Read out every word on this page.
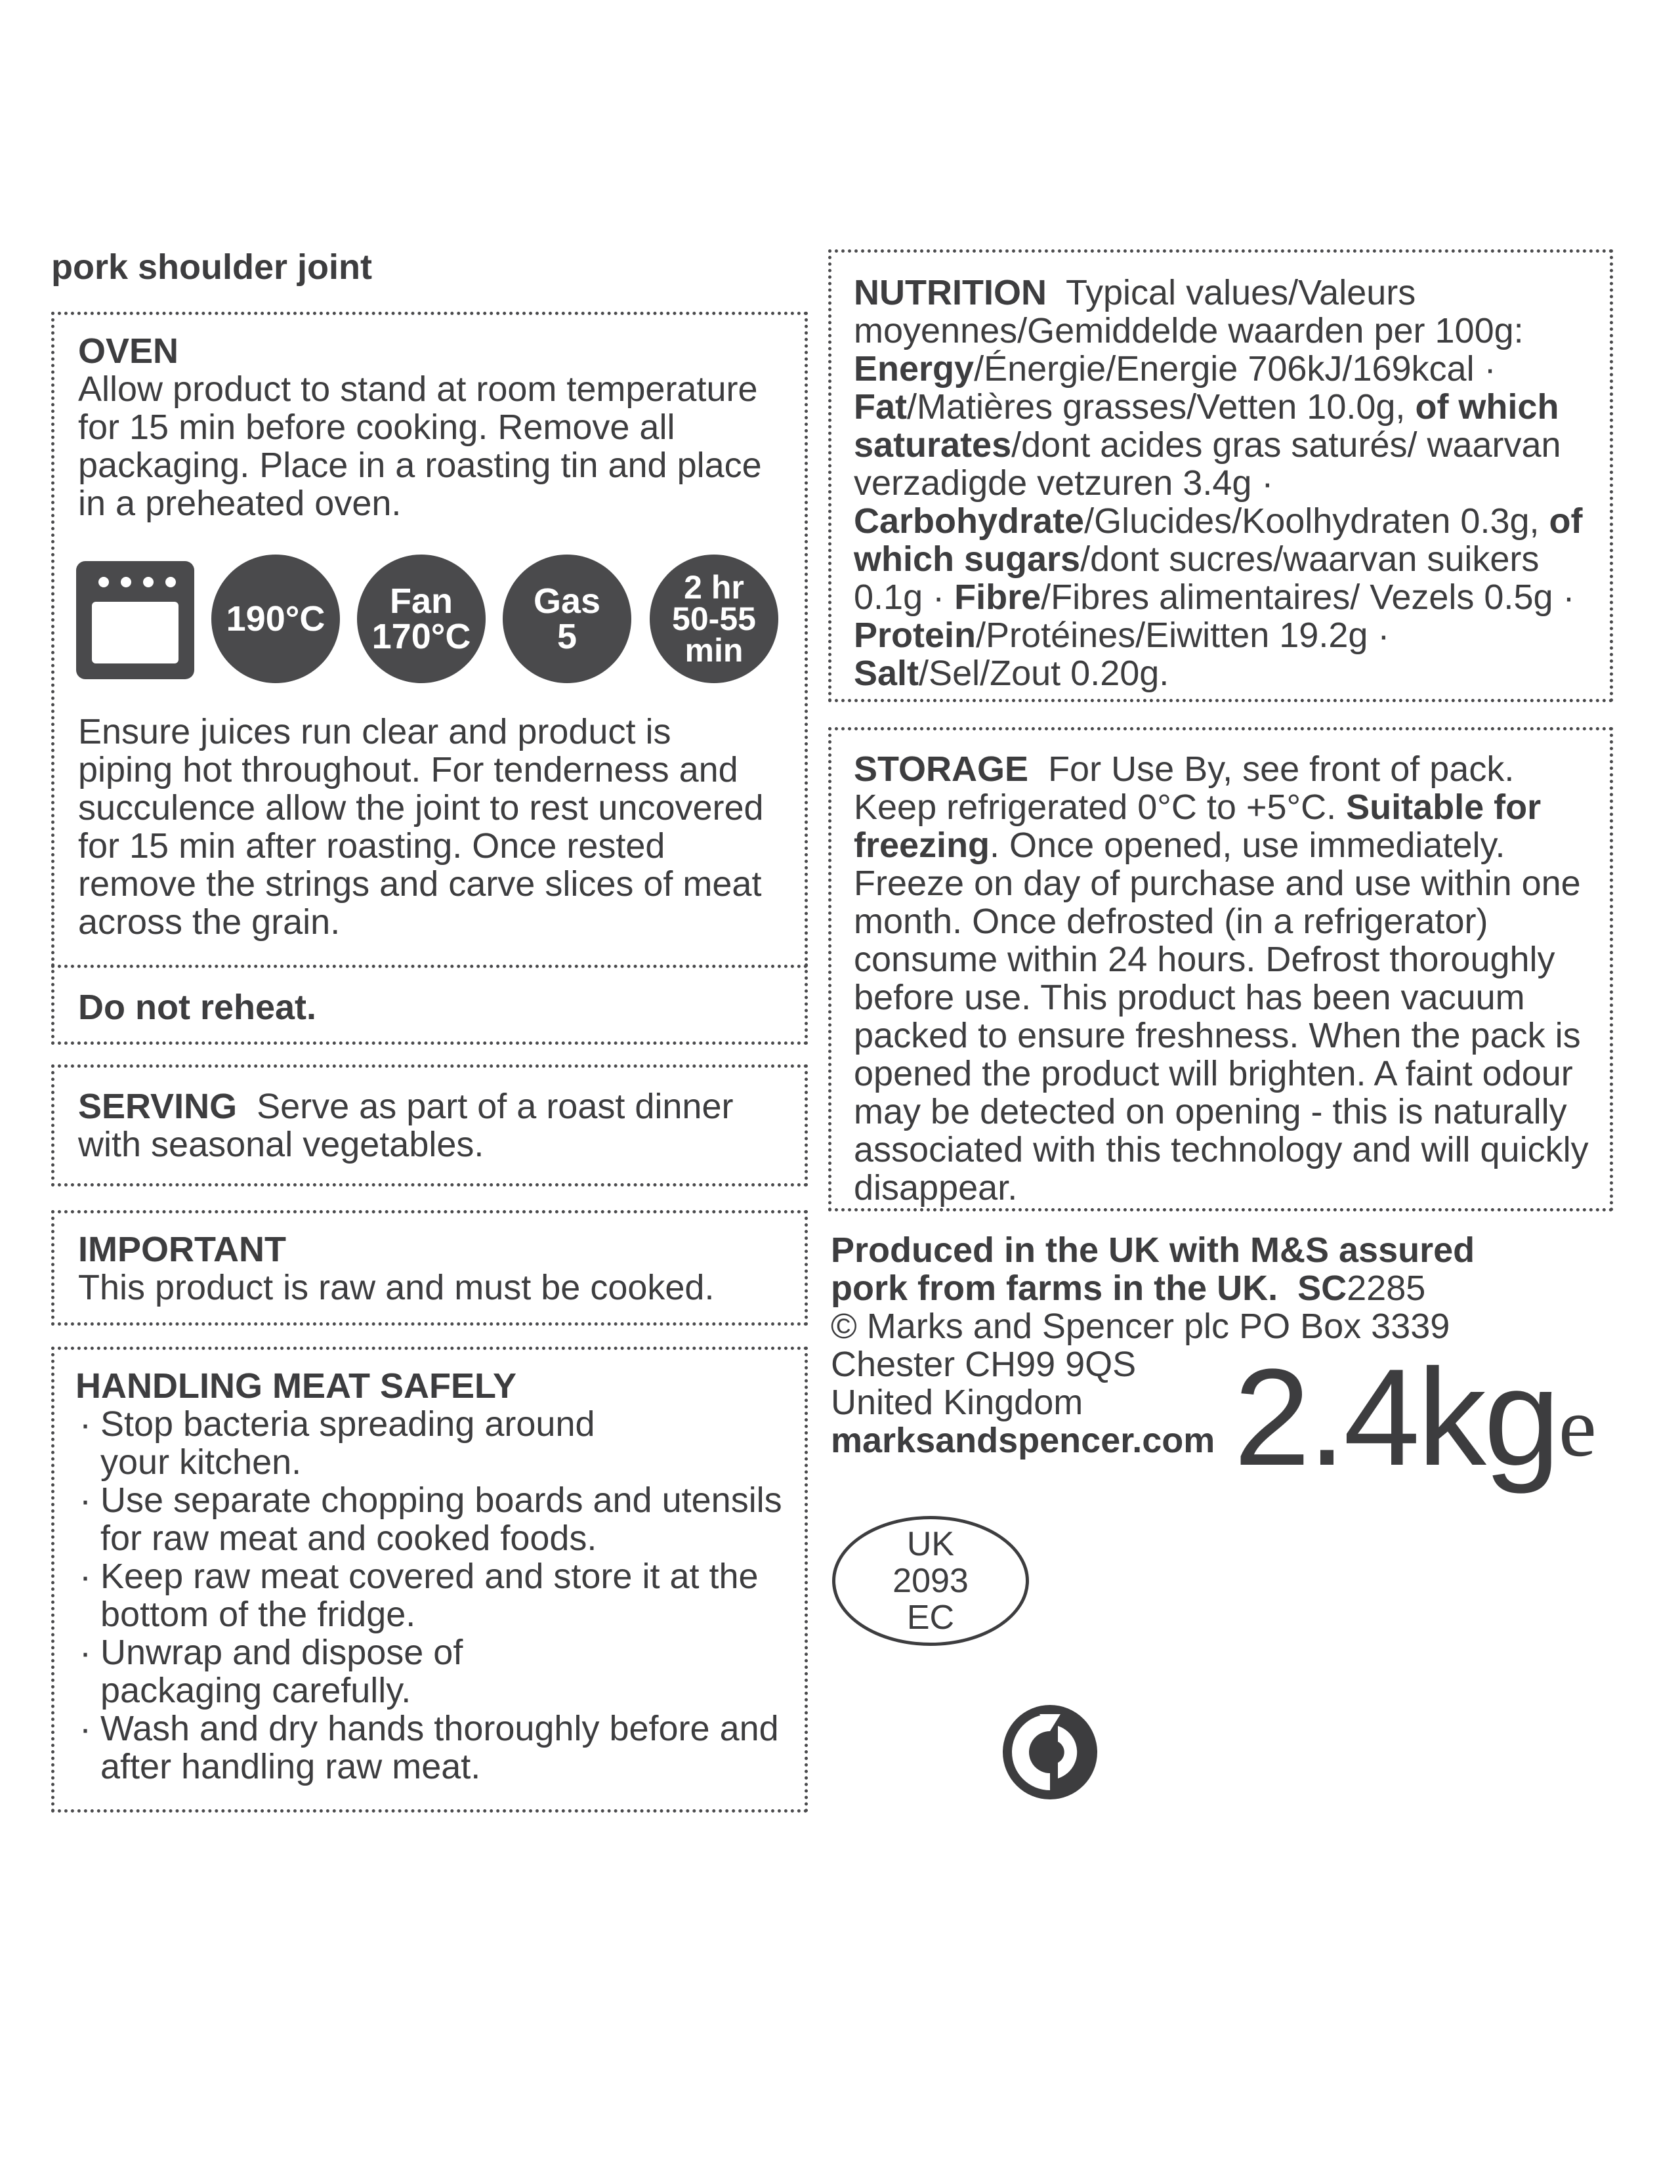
pork shoulder joint
OVEN
Allow product to stand at room temperature for 15 min before cooking. Remove all packaging. Place in a roasting tin and place in a preheated oven.
Ensure juices run clear and product is piping hot throughout. For tenderness and succulence allow the joint to rest uncovered for 15 min after roasting. Once rested remove the strings and carve slices of meat across the grain.
190°C Fan
170°C
Gas
5
2 hr
50-55
min
Do not reheat.
SERVING Serve as part of a roast dinner with seasonal vegetables.
IMPORTANT
This product is raw and must be cooked.
HANDLING MEAT SAFELY
· Stop bacteria spreading around your kitchen.
· Use separate chopping boards and utensils for raw meat and cooked foods.
· Keep raw meat covered and store it at the bottom of the fridge.
· Unwrap and dispose of packaging carefully.
· Wash and dry hands thoroughly before and after handling raw meat.
NUTRITION Typical values/Valeurs moyennes/Gemiddelde waarden per 100g: Energy/Énergie/Energie 706kJ/169kcal · Fat/Matières grasses/Vetten 10.0g, of which saturates/dont acides gras saturés/ waarvan verzadigde vetzuren 3.4g · Carbohydrate/Glucides/Koolhydraten 0.3g, of which sugars/dont sucres/waarvan suikers 0.1g · Fibre/Fibres alimentaires/ Vezels 0.5g · Protein/Protéines/Eiwitten 19.2g · Salt/Sel/Zout 0.20g.
STORAGE For Use By, see front of pack. Keep refrigerated 0°C to +5°C. Suitable for freezing. Once opened, use immediately. Freeze on day of purchase and use within one month. Once defrosted (in a refrigerator) consume within 24 hours. Defrost thoroughly before use. This product has been vacuum packed to ensure freshness. When the pack is opened the product will brighten. A faint odour may be detected on opening - this is naturally associated with this technology and will quickly disappear.
Produced in the UK with M&S assured pork from farms in the UK. SC2285
© Marks and Spencer plc PO Box 3339
Chester CH99 9QS
United Kingdom
marksandspencer.com 2.4kg e
UK
2093
EC
